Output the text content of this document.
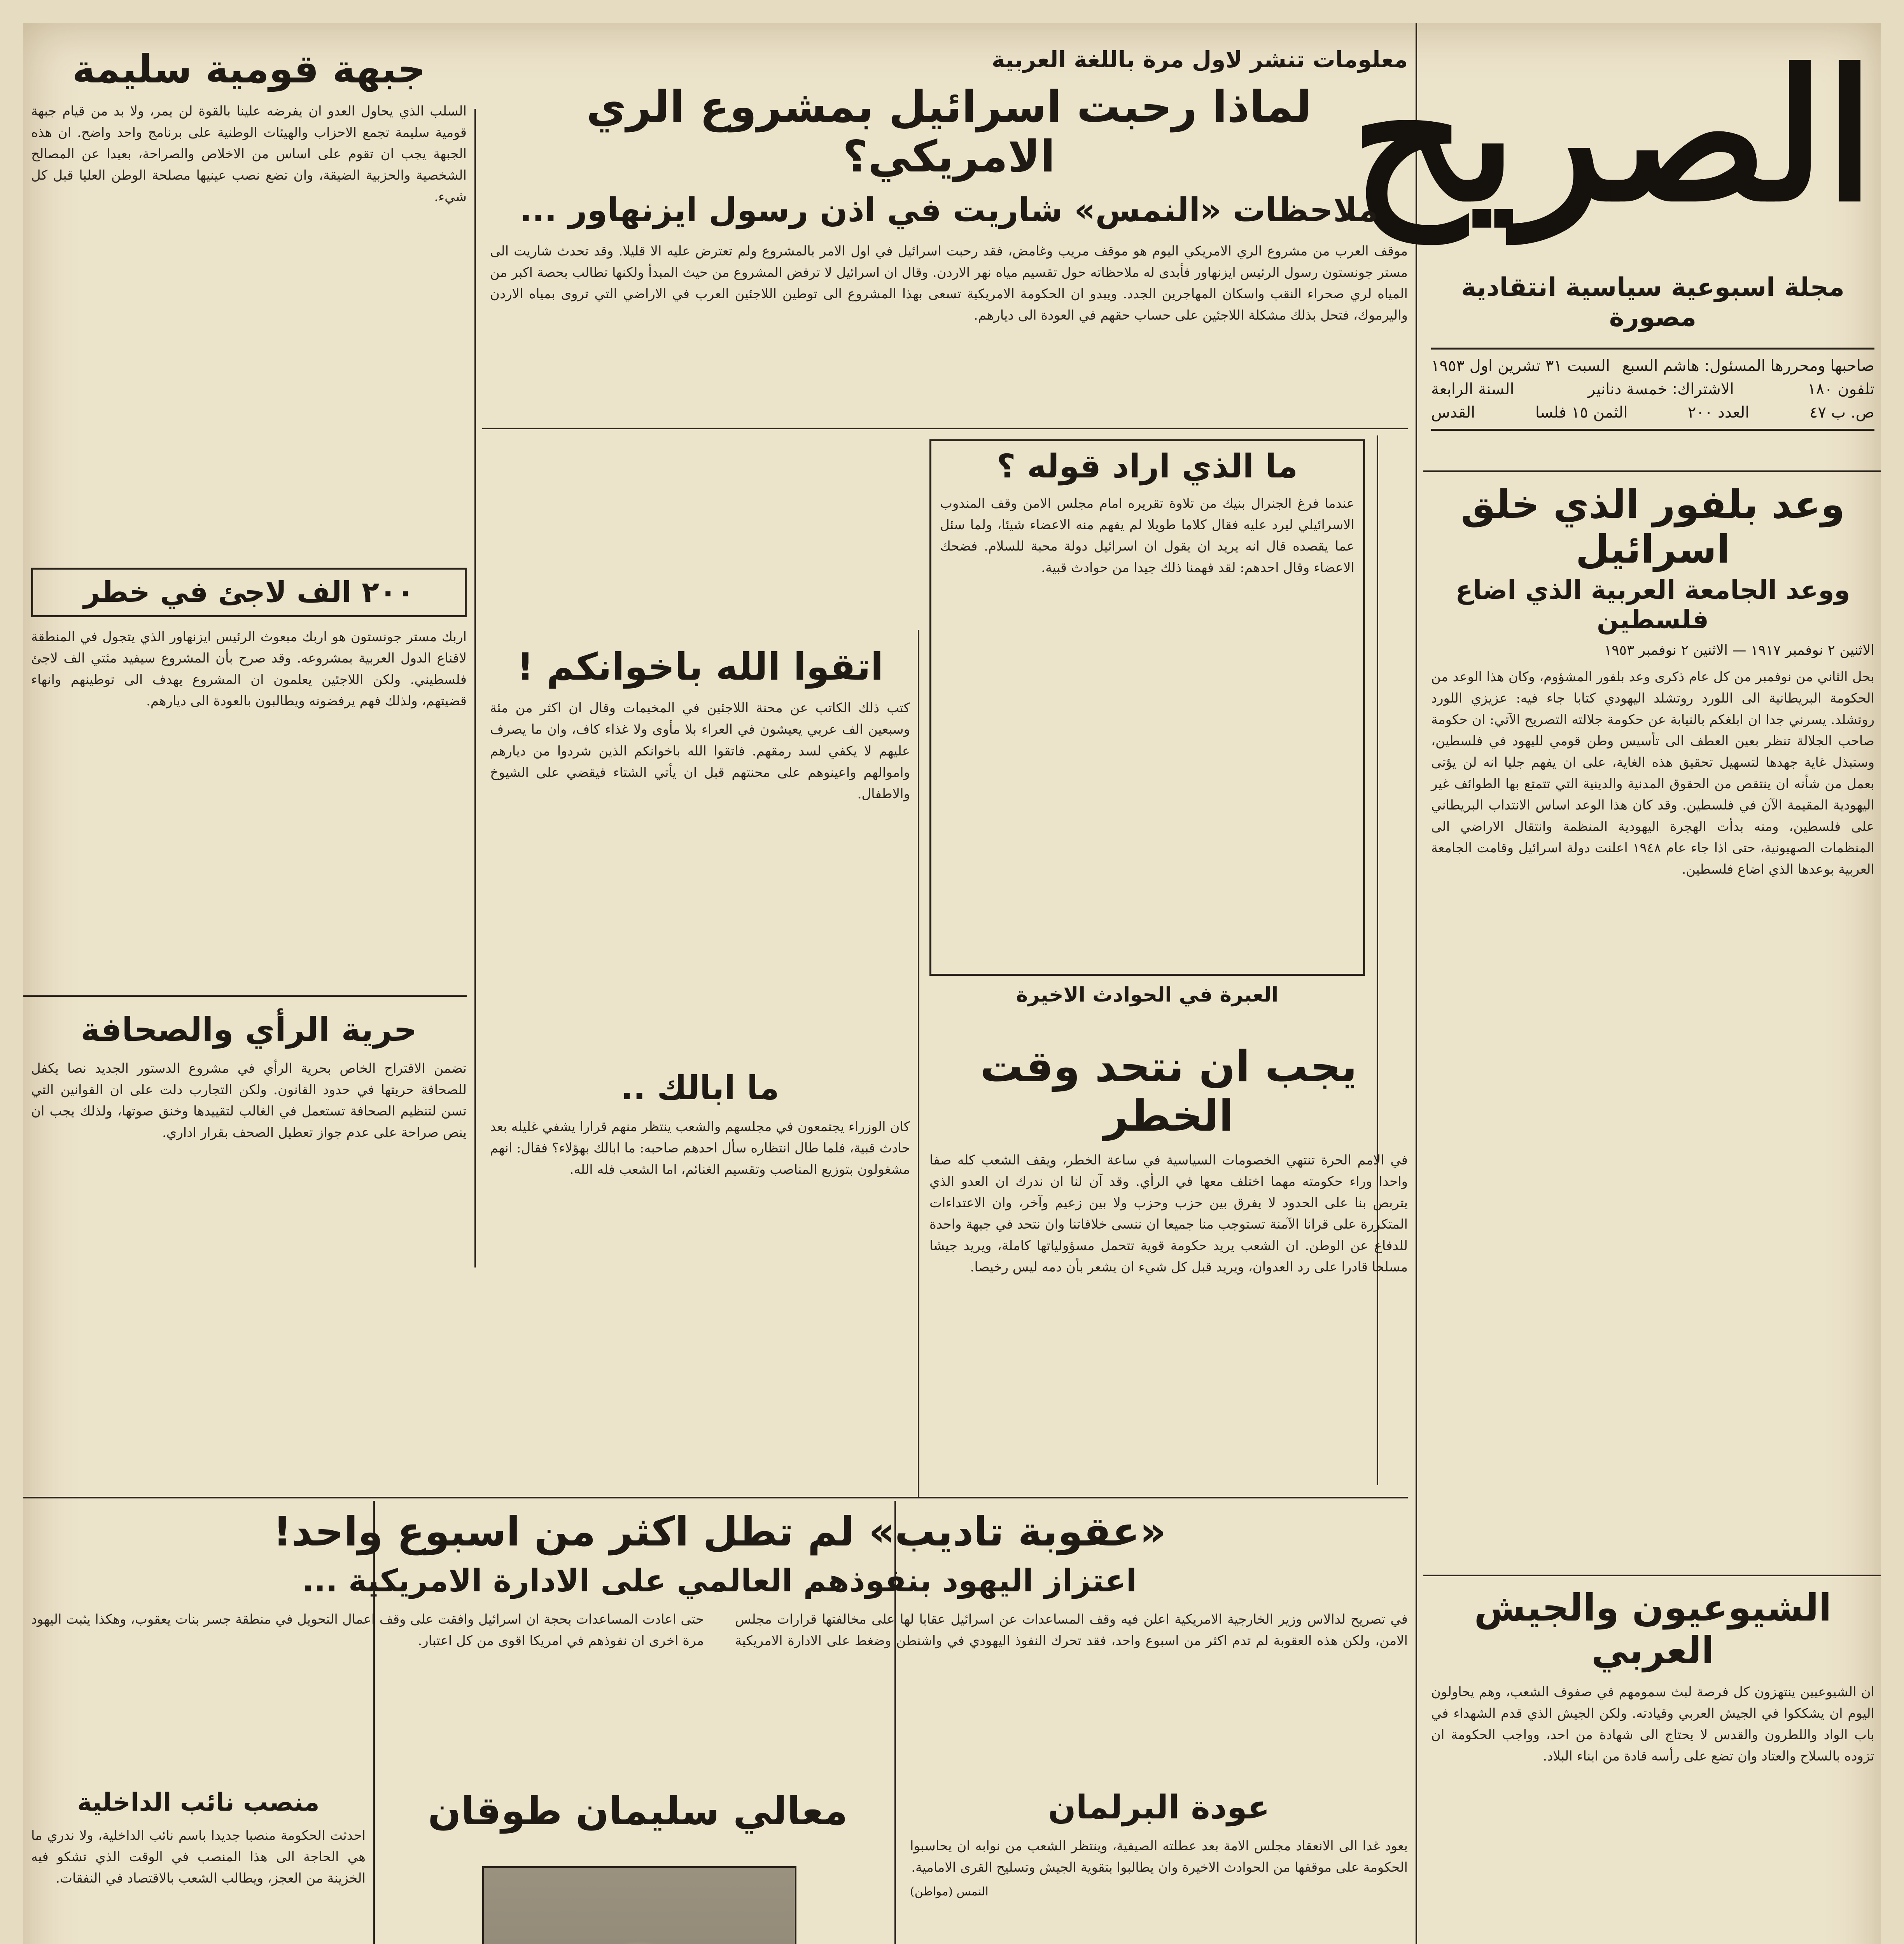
الصريح
مجلة اسبوعية سياسية انتقادية مصورة
صاحبها ومحررها المسئول: هاشم السبع
السبت ٣١ تشرين اول ١٩٥٣
تلفون ١٨٠
الاشتراك: خمسة دنانير
السنة الرابعة
ص. ب ٤٧
العدد ٢٠٠
الثمن ١٥ فلسا
القدس
وعد بلفور الذي خلق اسرائيل
ووعد الجامعة العربية الذي اضاع فلسطين
الاثنين ٢ نوفمبر ١٩١٧ — الاثنين ٢ نوفمبر ١٩٥٣

بحل الثاني من نوفمبر من كل عام ذكرى وعد بلفور المشؤوم، وكان هذا الوعد من الحكومة البريطانية الى اللورد روتشلد اليهودي كتابا جاء فيه: عزيزي اللورد روتشلد. يسرني جدا ان ابلغكم بالنيابة عن حكومة جلالته التصريح الآتي: ان حكومة صاحب الجلالة تنظر بعين العطف الى تأسيس وطن قومي لليهود في فلسطين، وستبذل غاية جهدها لتسهيل تحقيق هذه الغاية، على ان يفهم جليا انه لن يؤتى بعمل من شأنه ان ينتقص من الحقوق المدنية والدينية التي تتمتع بها الطوائف غير اليهودية المقيمة الآن في فلسطين. وقد كان هذا الوعد اساس الانتداب البريطاني على فلسطين، ومنه بدأت الهجرة اليهودية المنظمة وانتقال الاراضي الى المنظمات الصهيونية، حتى اذا جاء عام ١٩٤٨ اعلنت دولة اسرائيل وقامت الجامعة العربية بوعدها الذي اضاع فلسطين.

الشيوعيون والجيش العربي

ان الشيوعيين ينتهزون كل فرصة لبث سمومهم في صفوف الشعب، وهم يحاولون اليوم ان يشككوا في الجيش العربي وقيادته. ولكن الجيش الذي قدم الشهداء في باب الواد واللطرون والقدس لا يحتاج الى شهادة من احد، وواجب الحكومة ان تزوده بالسلاح والعتاد وان تضع على رأسه قادة من ابناء البلاد.

معلومات تنشر لاول مرة باللغة العربية
لماذا رحبت اسرائيل بمشروع الري الامريكي؟
ملاحظات «النمس» شاريت في اذن رسول ايزنهاور ...

موقف العرب من مشروع الري الامريكي اليوم هو موقف مريب وغامض، فقد رحبت اسرائيل في اول الامر بالمشروع ولم تعترض عليه الا قليلا. وقد تحدث شاريت الى مستر جونستون رسول الرئيس ايزنهاور فأبدى له ملاحظاته حول تقسيم مياه نهر الاردن. وقال ان اسرائيل لا ترفض المشروع من حيث المبدأ ولكنها تطالب بحصة اكبر من المياه لري صحراء النقب واسكان المهاجرين الجدد. ويبدو ان الحكومة الامريكية تسعى بهذا المشروع الى توطين اللاجئين العرب في الاراضي التي تروى بمياه الاردن واليرموك، فتحل بذلك مشكلة اللاجئين على حساب حقهم في العودة الى ديارهم.

ما الذي اراد قوله ؟

عندما فرغ الجنرال بنيك من تلاوة تقريره امام مجلس الامن وقف المندوب الاسرائيلي ليرد عليه فقال كلاما طويلا لم يفهم منه الاعضاء شيئا، ولما سئل عما يقصده قال انه يريد ان يقول ان اسرائيل دولة محبة للسلام. فضحك الاعضاء وقال احدهم: لقد فهمنا ذلك جيدا من حوادث قبية.

العبرة في الحوادث الاخيرة
يجب ان نتحد وقت الخطر

في الامم الحرة تنتهي الخصومات السياسية في ساعة الخطر، ويقف الشعب كله صفا واحدا وراء حكومته مهما اختلف معها في الرأي. وقد آن لنا ان ندرك ان العدو الذي يتربص بنا على الحدود لا يفرق بين حزب وحزب ولا بين زعيم وآخر، وان الاعتداءات المتكررة على قرانا الآمنة تستوجب منا جميعا ان ننسى خلافاتنا وان نتحد في جبهة واحدة للدفاع عن الوطن. ان الشعب يريد حكومة قوية تتحمل مسؤولياتها كاملة، ويريد جيشا مسلحا قادرا على رد العدوان، ويريد قبل كل شيء ان يشعر بأن دمه ليس رخيصا.

اتقوا الله باخوانكم !

كتب ذلك الكاتب عن محنة اللاجئين في المخيمات وقال ان اكثر من مئة وسبعين الف عربي يعيشون في العراء بلا مأوى ولا غذاء كاف، وان ما يصرف عليهم لا يكفي لسد رمقهم. فاتقوا الله باخوانكم الذين شردوا من ديارهم واموالهم واعينوهم على محنتهم قبل ان يأتي الشتاء فيقضي على الشيوخ والاطفال.

ما ابالك ..

كان الوزراء يجتمعون في مجلسهم والشعب ينتظر منهم قرارا يشفي غليله بعد حادث قبية، فلما طال انتظاره سأل احدهم صاحبه: ما ابالك بهؤلاء؟ فقال: انهم مشغولون بتوزيع المناصب وتقسيم الغنائم، اما الشعب فله الله.

جبهة قومية سليمة

السلب الذي يحاول العدو ان يفرضه علينا بالقوة لن يمر، ولا بد من قيام جبهة قومية سليمة تجمع الاحزاب والهيئات الوطنية على برنامج واحد واضح. ان هذه الجبهة يجب ان تقوم على اساس من الاخلاص والصراحة، بعيدا عن المصالح الشخصية والحزبية الضيقة، وان تضع نصب عينيها مصلحة الوطن العليا قبل كل شيء.

٢٠٠ الف لاجئ في خطر

اربك مستر جونستون هو اربك مبعوث الرئيس ايزنهاور الذي يتجول في المنطقة لاقناع الدول العربية بمشروعه. وقد صرح بأن المشروع سيفيد مئتي الف لاجئ فلسطيني. ولكن اللاجئين يعلمون ان المشروع يهدف الى توطينهم وانهاء قضيتهم، ولذلك فهم يرفضونه ويطالبون بالعودة الى ديارهم.

حرية الرأي والصحافة

تضمن الاقتراح الخاص بحرية الرأي في مشروع الدستور الجديد نصا يكفل للصحافة حريتها في حدود القانون. ولكن التجارب دلت على ان القوانين التي تسن لتنظيم الصحافة تستعمل في الغالب لتقييدها وخنق صوتها، ولذلك يجب ان ينص صراحة على عدم جواز تعطيل الصحف بقرار اداري.

«عقوبة تاديب» لم تطل اكثر من اسبوع واحد!
اعتزاز اليهود بنفوذهم العالمي على الادارة الامريكية ...

في تصريح لدالاس وزير الخارجية الامريكية اعلن فيه وقف المساعدات عن اسرائيل عقابا لها على مخالفتها قرارات مجلس الامن، ولكن هذه العقوبة لم تدم اكثر من اسبوع واحد، فقد تحرك النفوذ اليهودي في واشنطن وضغط على الادارة الامريكية حتى اعادت المساعدات بحجة ان اسرائيل وافقت على وقف اعمال التحويل في منطقة جسر بنات يعقوب، وهكذا يثبت اليهود مرة اخرى ان نفوذهم في امريكا اقوى من كل اعتبار.

عودة البرلمان

يعود غدا الى الانعقاد مجلس الامة بعد عطلته الصيفية، وينتظر الشعب من نوابه ان يحاسبوا الحكومة على موقفها من الحوادث الاخيرة وان يطالبوا بتقوية الجيش وتسليح القرى الامامية.

النمس (مواطن)

معالي سليمان طوقان

منصب نائب الداخلية

احدثت الحكومة منصبا جديدا باسم نائب الداخلية، ولا ندري ما هي الحاجة الى هذا المنصب في الوقت الذي تشكو فيه الخزينة من العجز، ويطالب الشعب بالاقتصاد في النفقات.
